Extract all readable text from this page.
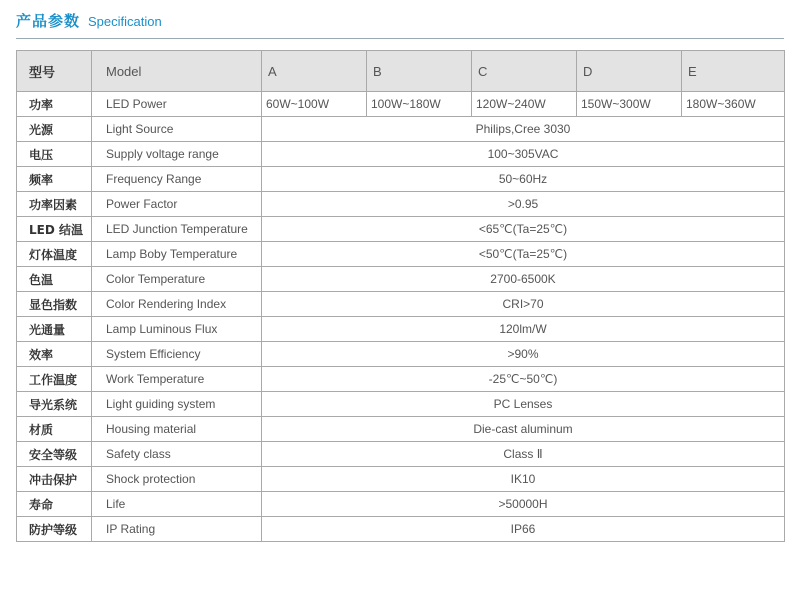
产品参数 Specification
型号	Model	A	B	C	D	E
功率	LED Power	60W~100W	100W~180W	120W~240W	150W~300W	180W~360W
光源	Light Source	Philips,Cree 3030				
电压	Supply voltage range	100~305VAC				
频率	Frequency Range	50~60Hz				
功率因素	Power Factor	>0.95				
LED 结温	LED Junction Temperature	<65℃(Ta=25℃)				
灯体温度	Lamp Boby Temperature	<50℃(Ta=25℃)				
色温	Color Temperature	2700-6500K				
显色指数	Color Rendering Index	CRI>70				
光通量	Lamp Luminous Flux	120lm/W				
效率	System Efficiency	>90%				
工作温度	Work Temperature	-25℃~50℃)				
导光系统	Light guiding system	PC Lenses				
材质	Housing material	Die-cast aluminum				
安全等级	Safety class	Class Ⅱ				
冲击保护	Shock protection	IK10				
寿命	Life	>50000H				
防护等级	IP Rating	IP66				
